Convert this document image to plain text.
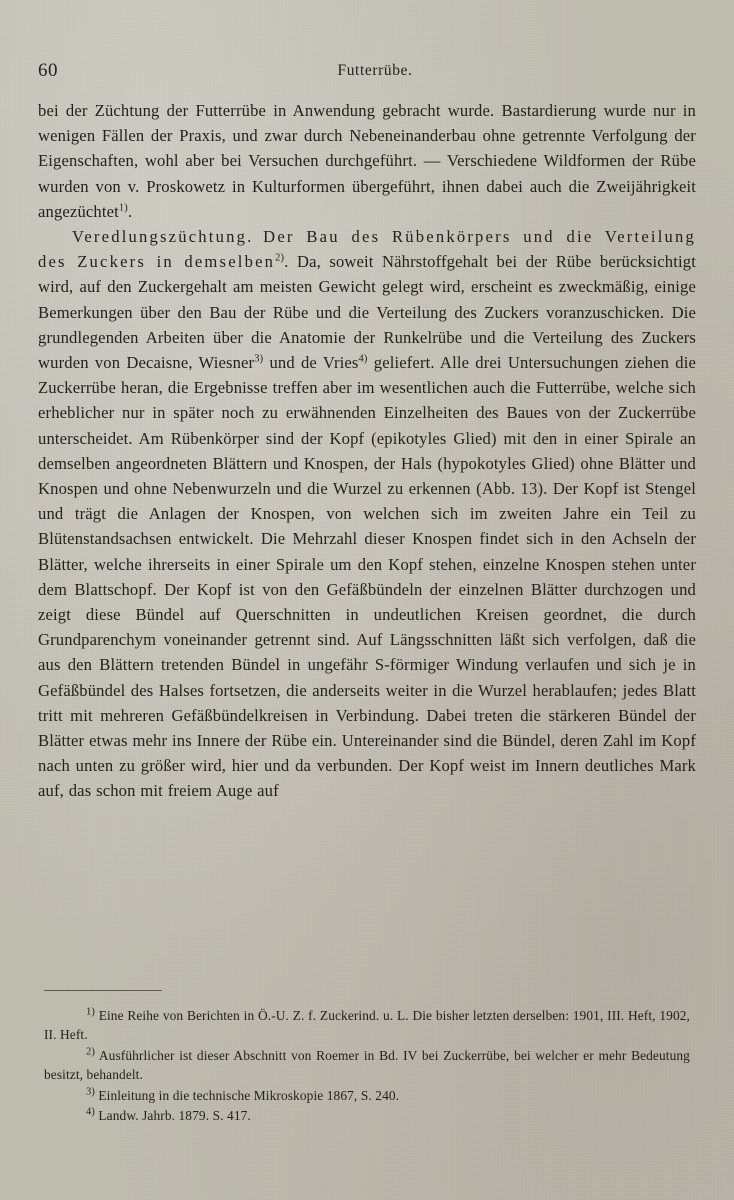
60	Futterrübe.

bei der Züchtung der Futterrübe in Anwendung gebracht wurde. Bastardierung wurde nur in wenigen Fällen der Praxis, und zwar durch Nebeneinanderbau ohne getrennte Verfolgung der Eigenschaften, wohl aber bei Versuchen durchgeführt. — Verschiedene Wildformen der Rübe wurden von v. Proskowetz in Kulturformen übergeführt, ihnen dabei auch die Zweijährigkeit angezüchtet$^{1)}$.

Veredlungszüchtung. Der Bau des Rübenkörpers und die Verteilung des Zuckers in demselben$^{2)}$. Da, soweit Nährstoffgehalt bei der Rübe berücksichtigt wird, auf den Zuckergehalt am meisten Gewicht gelegt wird, erscheint es zweckmäßig, einige Bemerkungen über den Bau der Rübe und die Verteilung des Zuckers voranzuschicken. Die grundlegenden Arbeiten über die Anatomie der Runkelrübe und die Verteilung des Zuckers wurden von Decaisne, Wiesner$^{3)}$ und de Vries$^{4)}$ geliefert. Alle drei Untersuchungen ziehen die Zuckerrübe heran, die Ergebnisse treffen aber im wesentlichen auch die Futterrübe, welche sich erheblicher nur in später noch zu erwähnenden Einzelheiten des Baues von der Zuckerrübe unterscheidet. Am Rübenkörper sind der Kopf (epikotyles Glied) mit den in einer Spirale an demselben angeordneten Blättern und Knospen, der Hals (hypokotyles Glied) ohne Blätter und Knospen und ohne Nebenwurzeln und die Wurzel zu erkennen (Abb. 13). Der Kopf ist Stengel und trägt die Anlagen der Knospen, von welchen sich im zweiten Jahre ein Teil zu Blütenstandsachsen entwickelt. Die Mehrzahl dieser Knospen findet sich in den Achseln der Blätter, welche ihrerseits in einer Spirale um den Kopf stehen, einzelne Knospen stehen unter dem Blattschopf. Der Kopf ist von den Gefäßbündeln der einzelnen Blätter durchzogen und zeigt diese Bündel auf Querschnitten in undeutlichen Kreisen geordnet, die durch Grundparenchym voneinander getrennt sind. Auf Längsschnitten läßt sich verfolgen, daß die aus den Blättern tretenden Bündel in ungefähr S-förmiger Windung verlaufen und sich je in Gefäßbündel des Halses fortsetzen, die anderseits weiter in die Wurzel herablaufen; jedes Blatt tritt mit mehreren Gefäßbündelkreisen in Verbindung. Dabei treten die stärkeren Bündel der Blätter etwas mehr ins Innere der Rübe ein. Untereinander sind die Bündel, deren Zahl im Kopf nach unten zu größer wird, hier und da verbunden. Der Kopf weist im Innern deutliches Mark auf, das schon mit freiem Auge auf

$^{1)}$ Eine Reihe von Berichten in Ö.-U. Z. f. Zuckerind. u. L. Die bisher letzten derselben: 1901, III. Heft, 1902, II. Heft.

$^{2)}$ Ausführlicher ist dieser Abschnitt von Roemer in Bd. IV bei Zuckerrübe, bei welcher er mehr Bedeutung besitzt, behandelt.

$^{3)}$ Einleitung in die technische Mikroskopie 1867, S. 240.

$^{4)}$ Landw. Jahrb. 1879. S. 417.
